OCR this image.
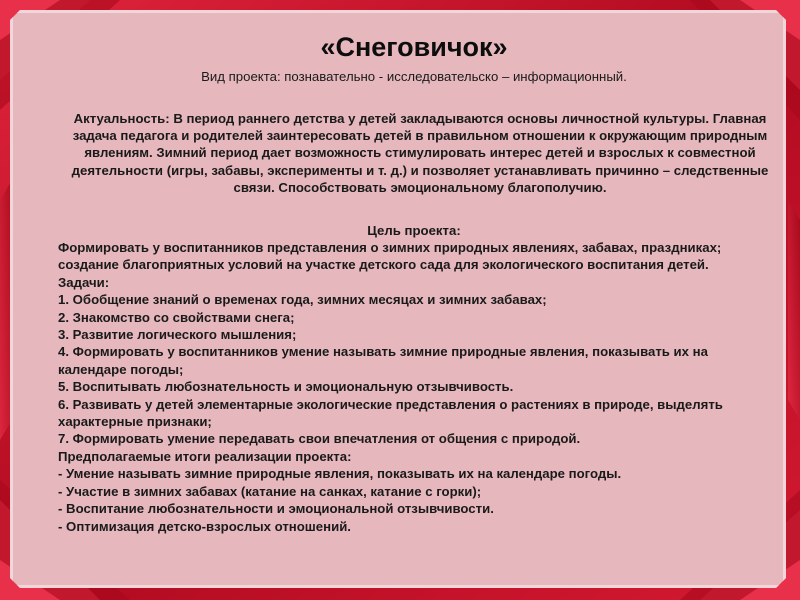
«Снеговичок»
Вид проекта: познавательно - исследовательско – информационный.
Актуальность: В период раннего детства у детей закладываются основы личностной культуры. Главная задача педагога и родителей заинтересовать детей в правильном отношении к окружающим природным явлениям. Зимний период дает возможность стимулировать интерес детей и взрослых к совместной деятельности (игры, забавы, эксперименты и т. д.) и позволяет устанавливать причинно – следственные связи. Способствовать эмоциональному благополучию.
Цель проекта:

Формировать у воспитанников представления о зимних природных явлениях, забавах, праздниках; создание благоприятных условий на участке детского сада для экологического воспитания детей.

Задачи:

1. Обобщение знаний о временах года, зимних месяцах и зимних забавах;

2. Знакомство со свойствами снега;

3. Развитие логического мышления;

4. Формировать у воспитанников умение называть зимние природные явления, показывать их на календаре погоды;

5. Воспитывать любознательность и эмоциональную отзывчивость.

6. Развивать у детей элементарные экологические представления о растениях в природе, выделять характерные признаки;

7. Формировать умение передавать свои впечатления от общения с природой.

Предполагаемые итоги реализации проекта:

- Умение называть зимние природные явления, показывать их на календаре погоды.

- Участие в зимних забавах (катание на санках, катание с горки);

- Воспитание любознательности и эмоциональной отзывчивости.

- Оптимизация детско-взрослых отношений.
